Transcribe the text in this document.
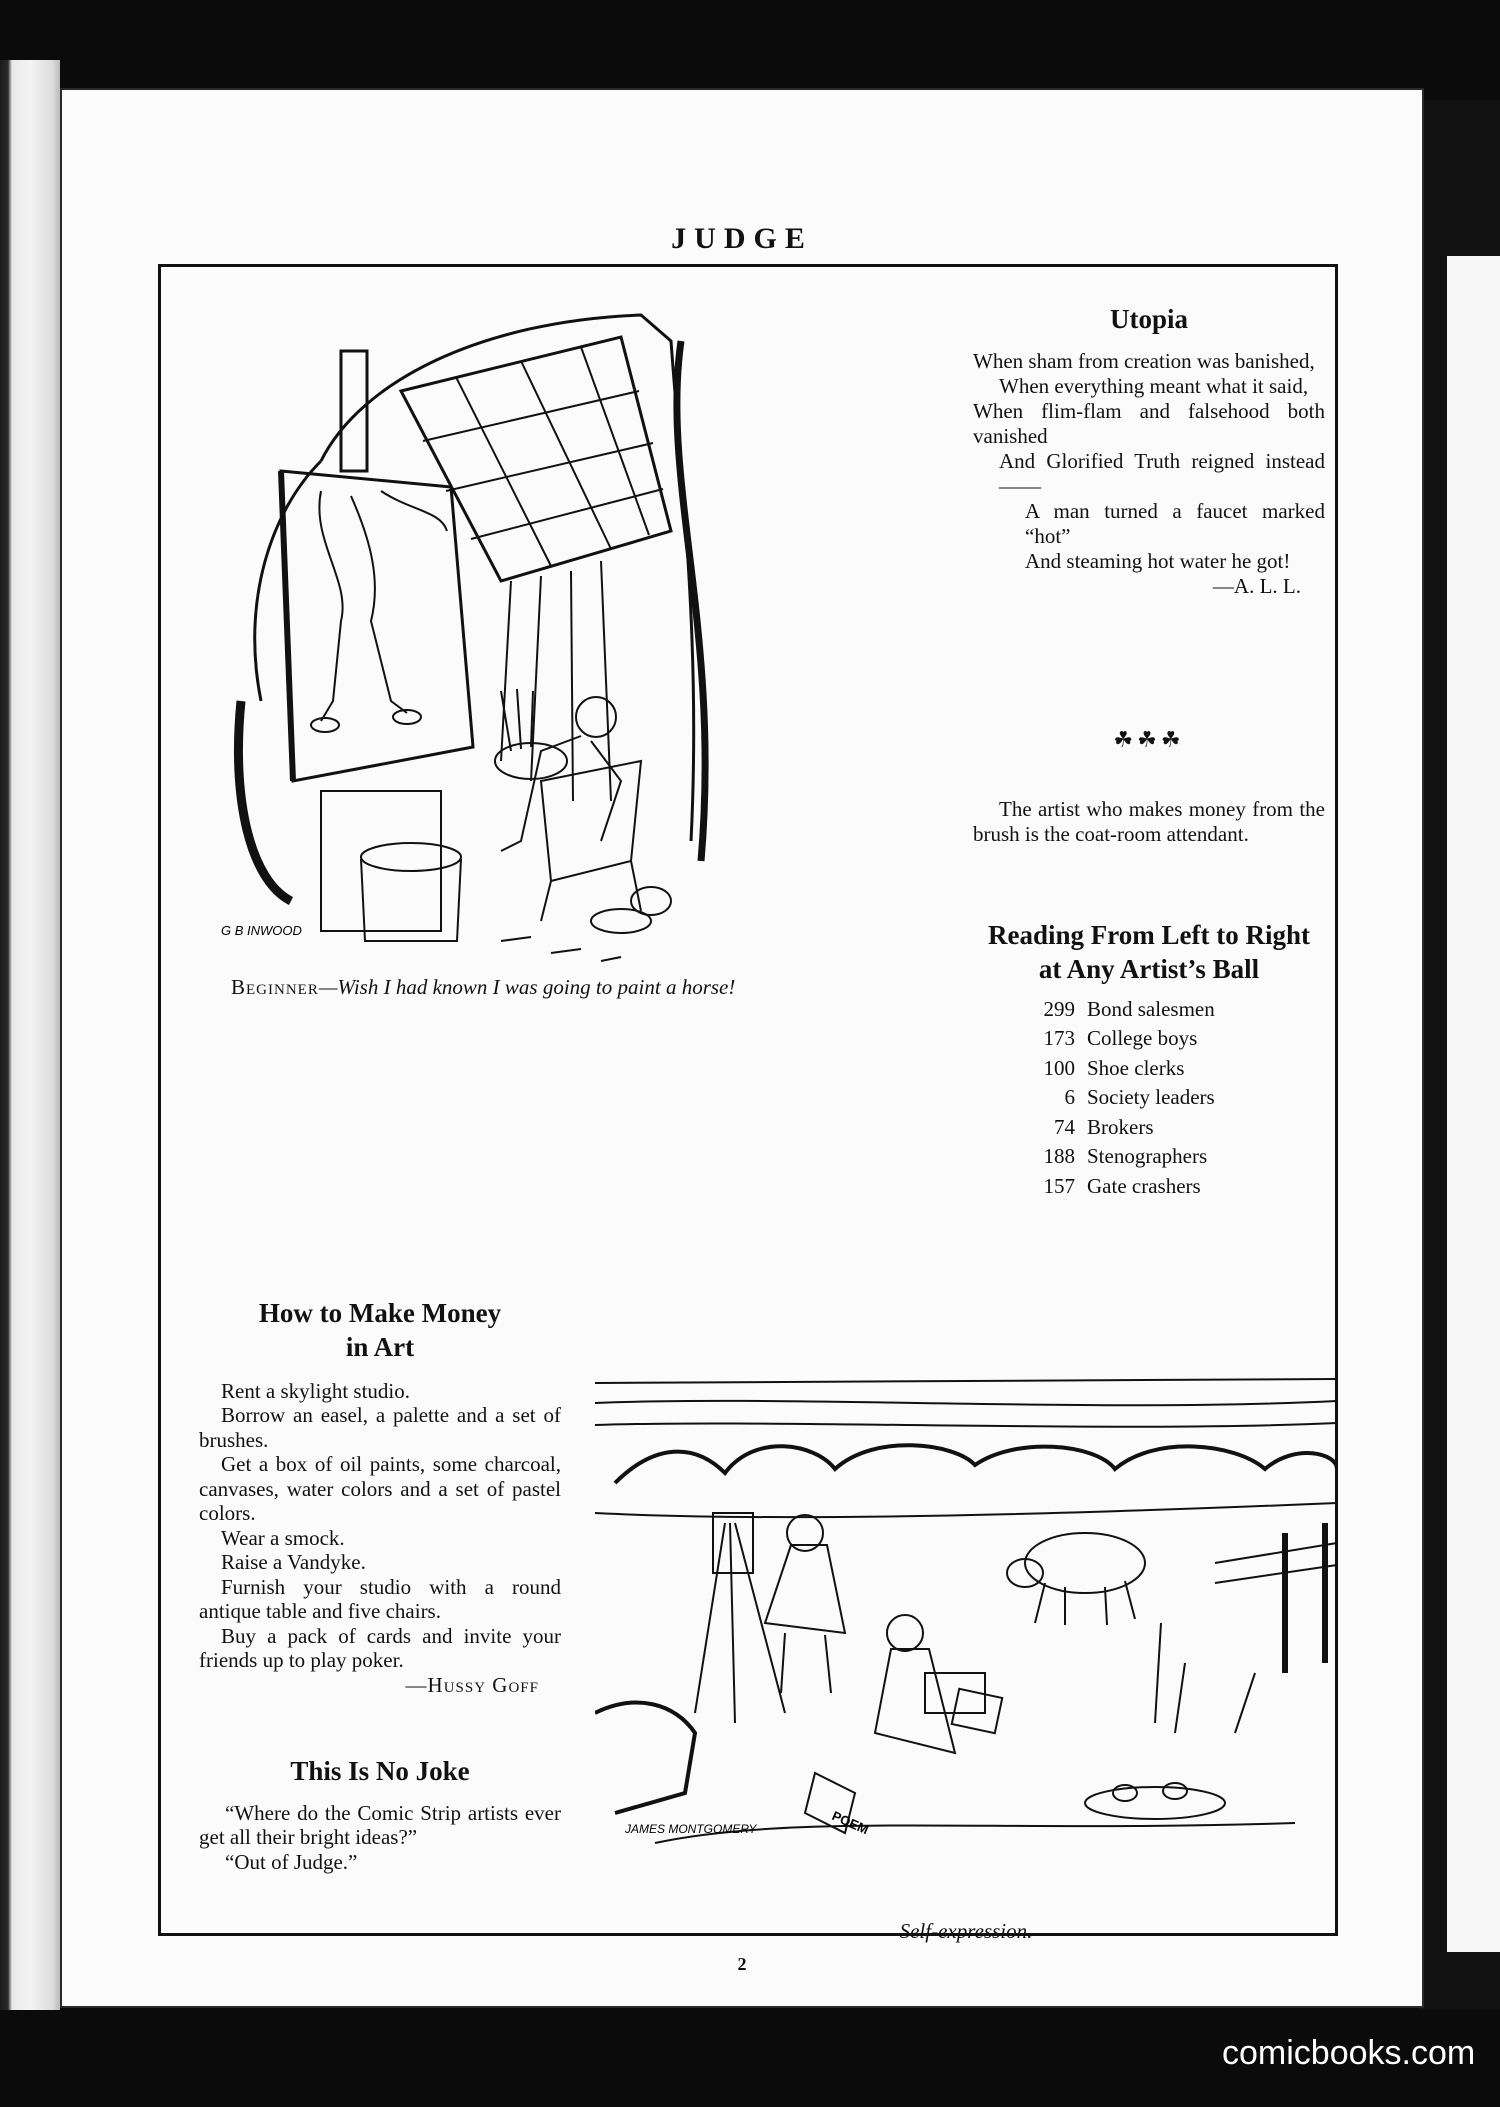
JUDGE
G B INWOOD
Beginner—Wish I had known I was going to paint a horse!
Utopia

When sham from creation was banished,

When everything meant what it said,

When flim-flam and falsehood both vanished

And Glorified Truth reigned instead——

A man turned a faucet marked “hot”

And steaming hot water he got!

—A. L. L.

☘☘☘

The artist who makes money from the brush is the coat-room attendant.

Reading From Left to Right
at Any Artist’s Ball
299 Bond salesmen
173 College boys
100 Shoe clerks
6 Society leaders
74 Brokers
188 Stenographers
157 Gate crashers
How to Make Money
in Art

Rent a skylight studio.

Borrow an easel, a palette and a set of brushes.

Get a box of oil paints, some charcoal, canvases, water colors and a set of pastel colors.

Wear a smock.

Raise a Vandyke.

Furnish your studio with a round antique table and five chairs.

Buy a pack of cards and invite your friends up to play poker.

—Hussy Goff

This Is No Joke

“Where do the Comic Strip artists ever get all their bright ideas?”

“Out of Judge.”

POEM
JAMES MONTGOMERY
Self-expression.
2
comicbooks.com
